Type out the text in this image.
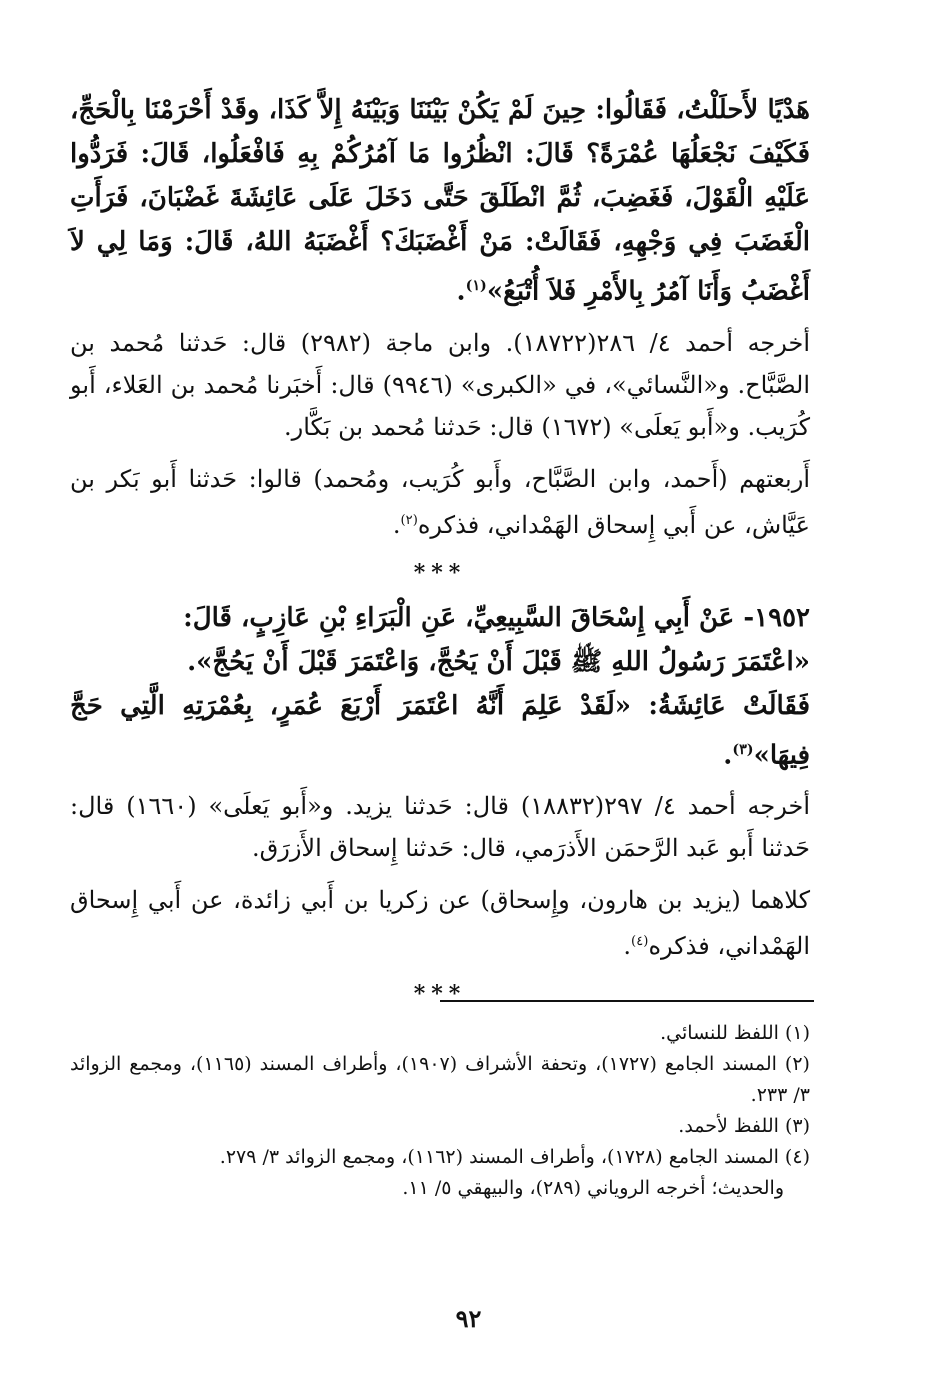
هَدْيًا لأَحلَلْتُ، فَقَالُوا: حِينَ لَمْ يَكُنْ بَيْنَنَا وَبَيْنَهُ إِلاَّ كَذَا، وقَدْ أَحْرَمْنَا بِالْحَجِّ، فَكَيْفَ نَجْعَلُهَا عُمْرَةً؟ قَالَ: انْظُرُوا مَا آمُرُكُمْ بِهِ فَافْعَلُوا، قَالَ: فَرَدُّوا عَلَيْهِ الْقَوْلَ، فَغَضِبَ، ثُمَّ انْطَلَقَ حَتَّى دَخَلَ عَلَى عَائِشَةَ غَضْبَانَ، فَرَأَتِ الْغَضَبَ فِي وَجْهِهِ، فَقَالَتْ: مَنْ أَغْضَبَكَ؟ أَغْضَبَهُ اللهُ، قَالَ: وَمَا لِي لاَ أَغْضَبُ وَأَنَا آمُرُ بِالأَمْرِ فَلاَ أُتْبَعُ»$^{(١)}$.

أخرجه أحمد ٤/ ٢٨٦(١٨٧٢٢). وابن ماجة (٢٩٨٢) قال: حَدثنا مُحمد بن الصَّبَّاح. و«النَّسائي»، في «الكبرى» (٩٩٤٦) قال: أَخبَرنا مُحمد بن العَلاء، أَبو كُرَيب. و«أَبو يَعلَى» (١٦٧٢) قال: حَدثنا مُحمد بن بَكَّار.

أَربعتهم (أَحمد، وابن الصَّبَّاح، وأَبو كُرَيب، ومُحمد) قالوا: حَدثنا أَبو بَكر بن عَيَّاش، عن أَبي إِسحاق الهَمْداني، فذكره$^{(٢)}$.

***

١٩٥٢- عَنْ أَبِي إِسْحَاقَ السَّبِيعِيِّ، عَنِ الْبَرَاءِ بْنِ عَازِبٍ، قَالَ:

«اعْتَمَرَ رَسُولُ اللهِ ﷺ قَبْلَ أَنْ يَحُجَّ، وَاعْتَمَرَ قَبْلَ أَنْ يَحُجَّ».

فَقَالَتْ عَائِشَةُ: «لَقَدْ عَلِمَ أَنَّهُ اعْتَمَرَ أَرْبَعَ عُمَرٍ، بِعُمْرَتِهِ الَّتِي حَجَّ فِيهَا»$^{(٣)}$.

أخرجه أحمد ٤/ ٢٩٧(١٨٨٣٢) قال: حَدثنا يزيد. و«أَبو يَعلَى» (١٦٦٠) قال: حَدثنا أَبو عَبد الرَّحمَن الأَذرَمي، قال: حَدثنا إِسحاق الأَزرَق.

كلاهما (يزيد بن هارون، وإِسحاق) عن زكريا بن أَبي زائدة، عن أَبي إِسحاق الهَمْداني، فذكره$^{(٤)}$.

***

(١) اللفظ للنسائي.

(٢) المسند الجامع (١٧٢٧)، وتحفة الأشراف (١٩٠٧)، وأطراف المسند (١١٦٥)، ومجمع الزوائد ٣/ ٢٣٣.

(٣) اللفظ لأحمد.

(٤) المسند الجامع (١٧٢٨)، وأطراف المسند (١١٦٢)، ومجمع الزوائد ٣/ ٢٧٩.

والحديث؛ أخرجه الروياني (٢٨٩)، والبيهقي ٥/ ١١.

٩٢
